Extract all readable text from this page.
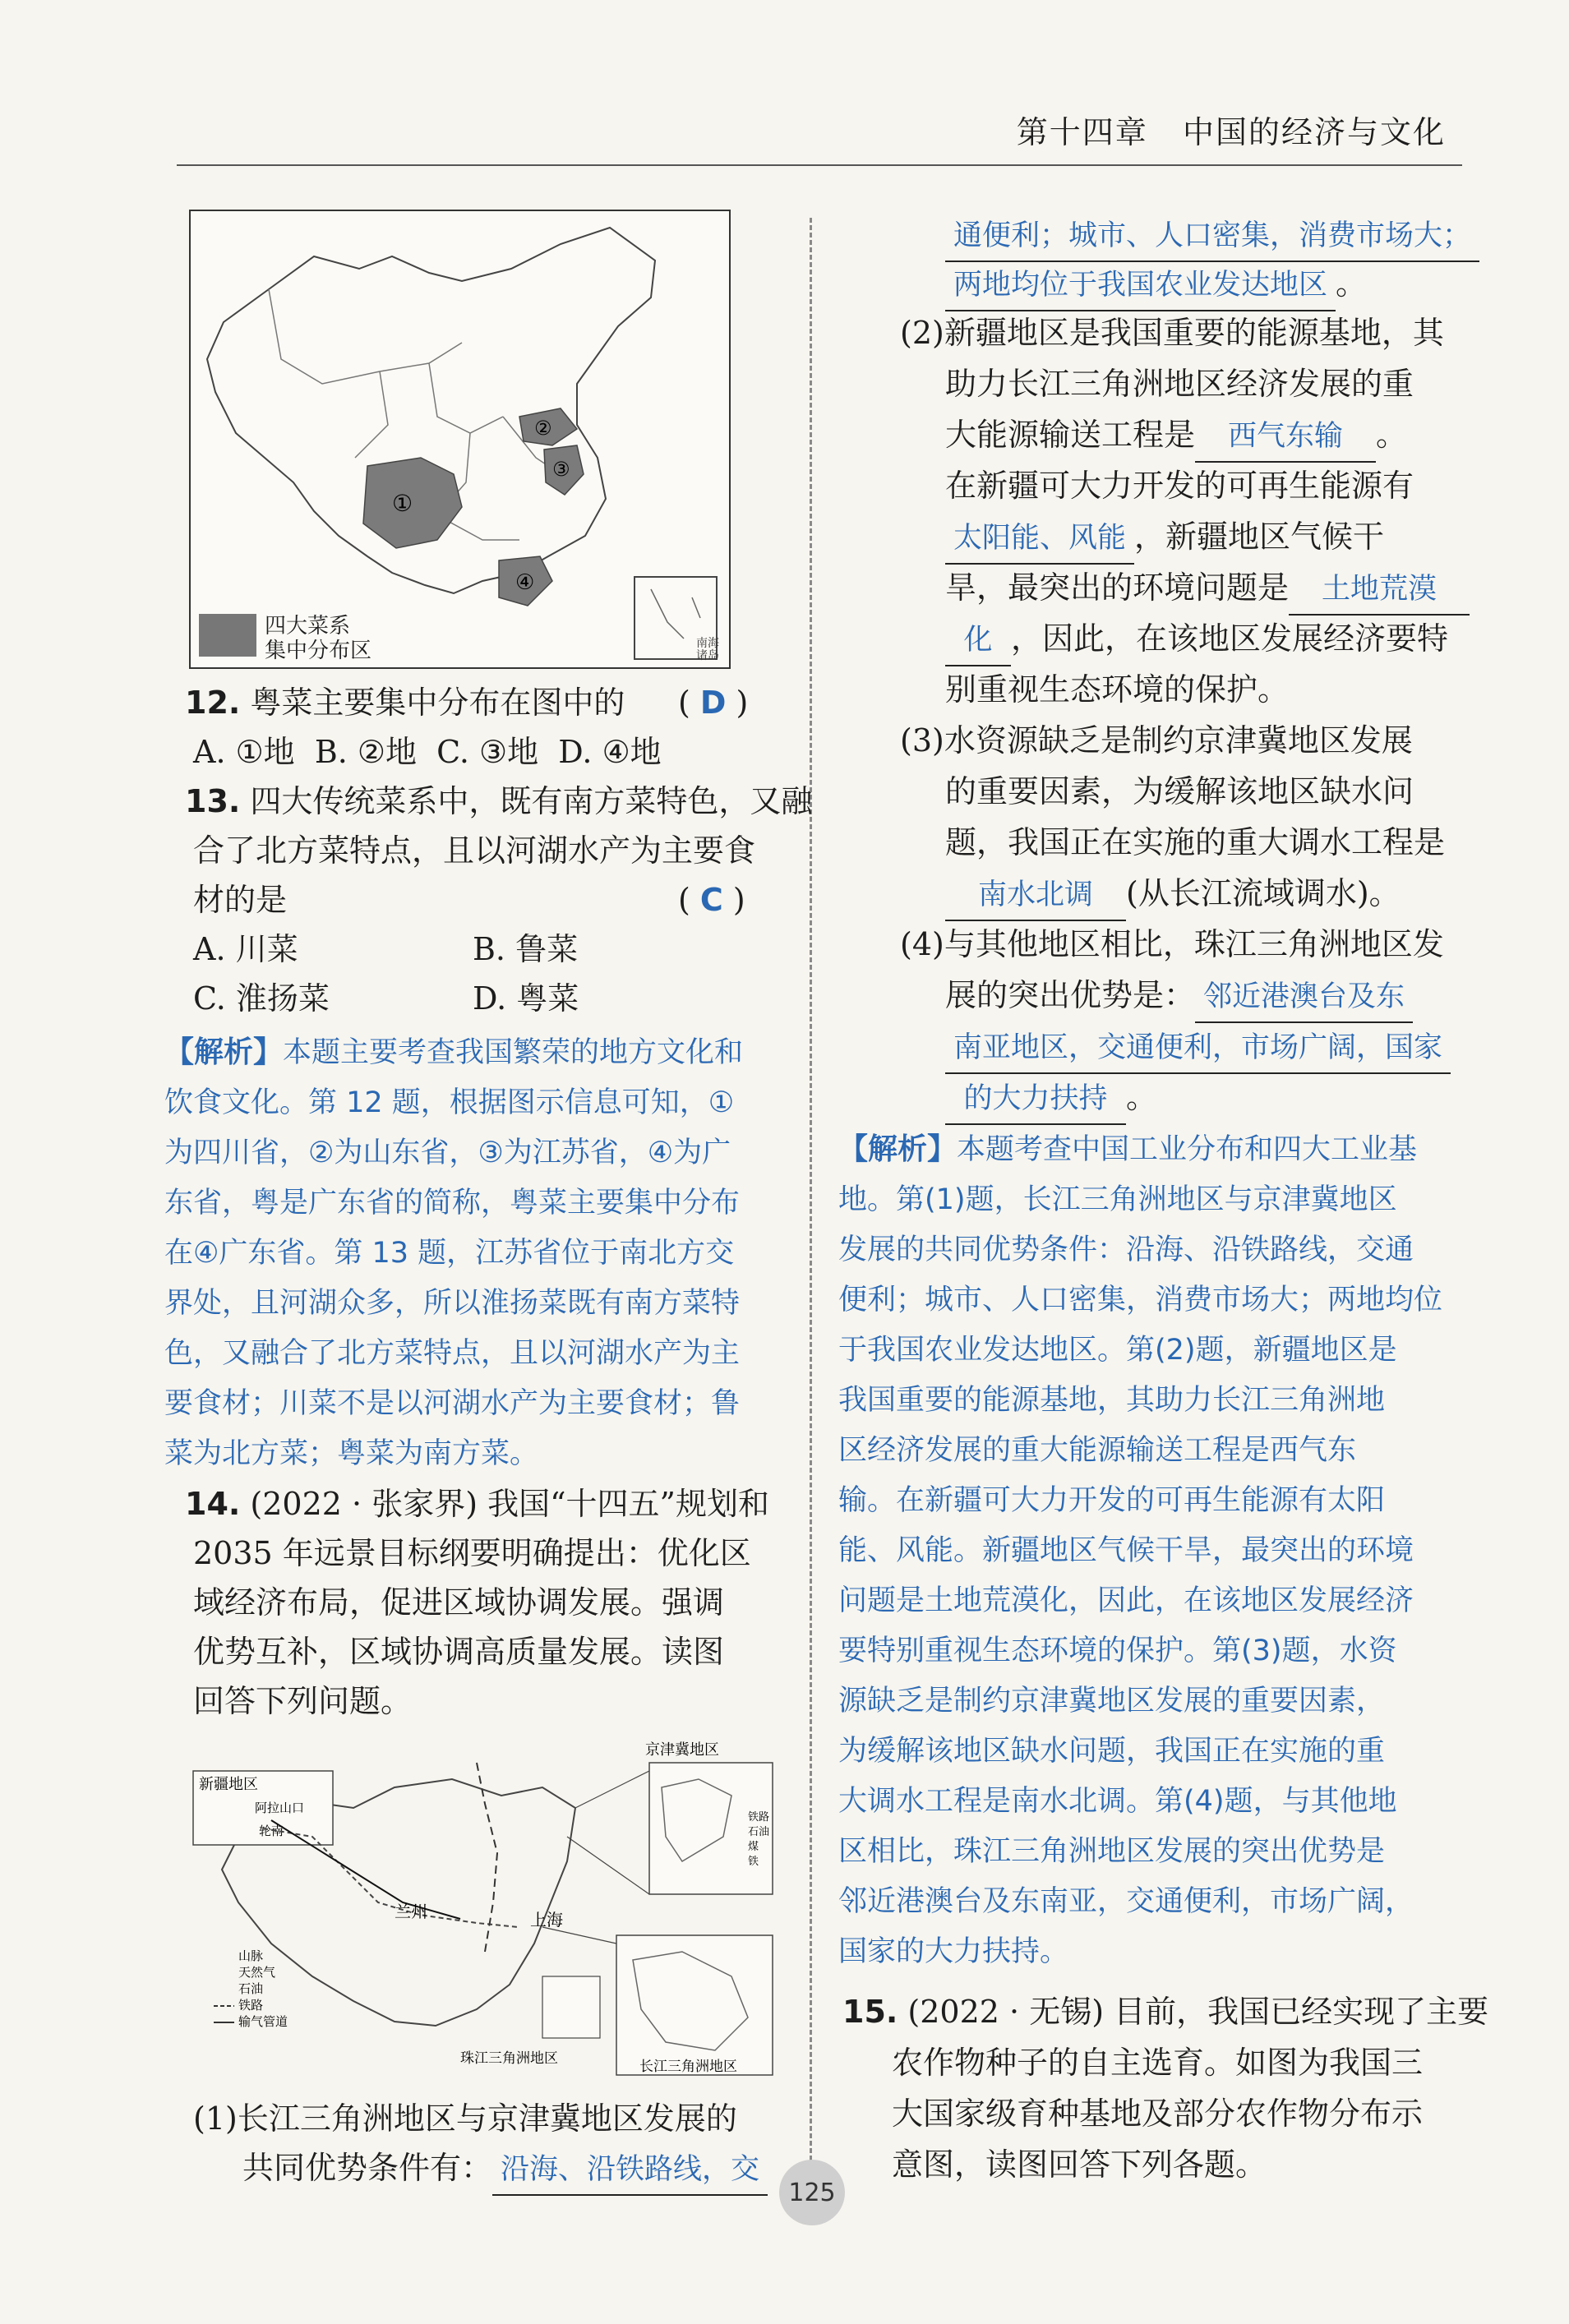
第十四章 中国的经济与文化
南海
诸岛
①
②
③
④
四大菜系
集中分布区
12. 粤菜主要集中分布在图中的 ( D )
A. ①地 B. ②地 C. ③地 D. ④地
13. 四大传统菜系中，既有南方菜特色，又融
合了北方菜特点，且以河湖水产为主要食
材的是	( C )
A. 川菜	B. 鲁菜
C. 淮扬菜	D. 粤菜
【解析】本题主要考查我国繁荣的地方文化和
饮食文化。第 12 题，根据图示信息可知，①
为四川省，②为山东省，③为江苏省，④为广
东省，粤是广东省的简称，粤菜主要集中分布
在④广东省。第 13 题，江苏省位于南北方交
界处，且河湖众多，所以淮扬菜既有南方菜特
色，又融合了北方菜特点，且以河湖水产为主
要食材；川菜不是以河湖水产为主要食材；鲁
菜为北方菜；粤菜为南方菜。
14. (2022 · 张家界) 我国“十四五”规划和
2035 年远景目标纲要明确提出：优化区
域经济布局，促进区域协调发展。强调
优势互补，区域协调高质量发展。读图
回答下列问题。
新疆地区
阿拉山口
轮南
兰州	上海
京津冀地区
铁路
石油
煤
铁
长江三角洲地区
珠江三角洲地区
山脉
天然气
石油
铁路
输气管道
(1)长江三角洲地区与京津冀地区发展的
共同优势条件有： 沿海、沿铁路线，交
通便利；城市、人口密集，消费市场大；
两地均位于我国农业发达地区 。
(2)新疆地区是我国重要的能源基地，其
助力长江三角洲地区经济发展的重
大能源输送工程是 西气东输 。
在新疆可大力开发的可再生能源有
太阳能、风能 ，新疆地区气候干
旱，最突出的环境问题是 土地荒漠
化 ，因此，在该地区发展经济要特
别重视生态环境的保护。
(3)水资源缺乏是制约京津冀地区发展
的重要因素，为缓解该地区缺水问
题，我国正在实施的重大调水工程是
南水北调 (从长江流域调水)。
(4)与其他地区相比，珠江三角洲地区发
展的突出优势是： 邻近港澳台及东
南亚地区，交通便利，市场广阔，国家
的大力扶持 。
【解析】本题考查中国工业分布和四大工业基
地。第(1)题，长江三角洲地区与京津冀地区
发展的共同优势条件：沿海、沿铁路线，交通
便利；城市、人口密集，消费市场大；两地均位
于我国农业发达地区。第(2)题，新疆地区是
我国重要的能源基地，其助力长江三角洲地
区经济发展的重大能源输送工程是西气东
输。在新疆可大力开发的可再生能源有太阳
能、风能。新疆地区气候干旱，最突出的环境
问题是土地荒漠化，因此，在该地区发展经济
要特别重视生态环境的保护。第(3)题，水资
源缺乏是制约京津冀地区发展的重要因素，
为缓解该地区缺水问题，我国正在实施的重
大调水工程是南水北调。第(4)题，与其他地
区相比，珠江三角洲地区发展的突出优势是
邻近港澳台及东南亚，交通便利，市场广阔，
国家的大力扶持。
15. (2022 · 无锡) 目前，我国已经实现了主要
农作物种子的自主选育。如图为我国三
大国家级育种基地及部分农作物分布示
意图，读图回答下列各题。
125
